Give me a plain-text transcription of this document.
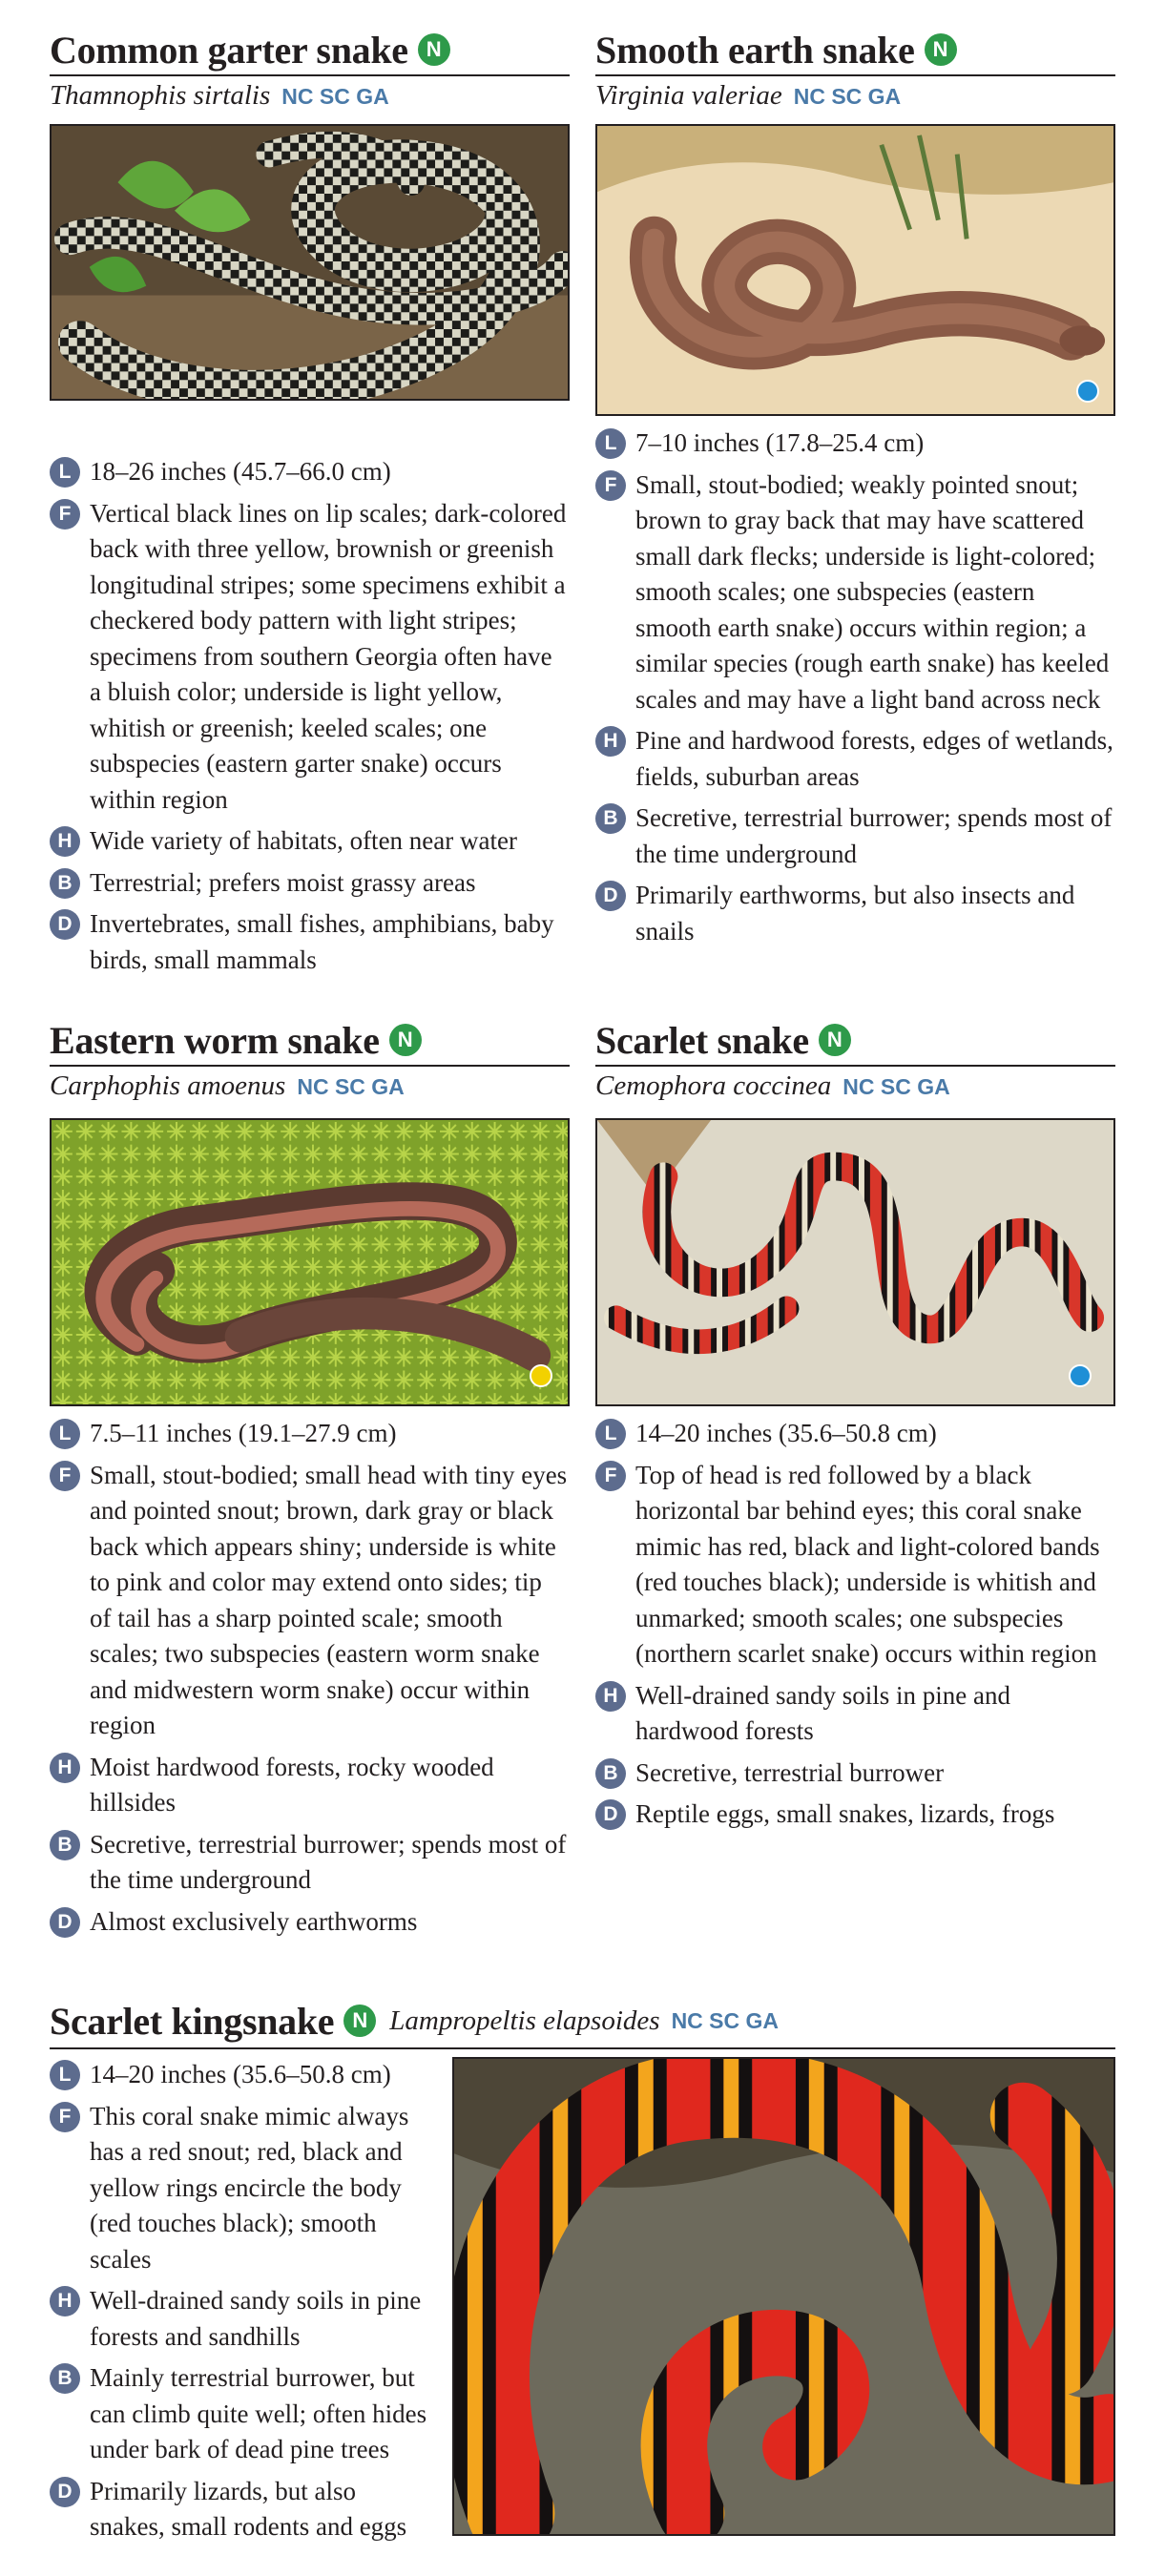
Common garter snake N
Thamnophis sirtalis NC SC GA
L 18–26 inches (45.7–66.0 cm)
F Vertical black lines on lip scales; dark-colored back with three yellow, brownish or greenish longitudinal stripes; some specimens exhibit a checkered body pattern with light stripes; specimens from southern Georgia often have a bluish color; underside is light yellow, whitish or greenish; keeled scales; one subspecies (eastern garter snake) occurs within region
H Wide variety of habitats, often near water
B Terrestrial; prefers moist grassy areas
D Invertebrates, small fishes, amphibians, baby birds, small mammals
Smooth earth snake N
Virginia valeriae NC SC GA
L 7–10 inches (17.8–25.4 cm)
F Small, stout-bodied; weakly pointed snout; brown to gray back that may have scattered small dark flecks; underside is light-colored; smooth scales; one subspecies (eastern smooth earth snake) occurs within region; a similar species (rough earth snake) has keeled scales and may have a light band across neck
H Pine and hardwood forests, edges of wetlands, fields, suburban areas
B Secretive, terrestrial burrower; spends most of the time underground
D Primarily earthworms, but also insects and snails
Eastern worm snake N
Carphophis amoenus NC SC GA
L 7.5–11 inches (19.1–27.9 cm)
F Small, stout-bodied; small head with tiny eyes and pointed snout; brown, dark gray or black back which appears shiny; underside is white to pink and color may extend onto sides; tip of tail has a sharp pointed scale; smooth scales; two subspecies (eastern worm snake and midwestern worm snake) occur within region
H Moist hardwood forests, rocky wooded hillsides
B Secretive, terrestrial burrower; spends most of the time underground
D Almost exclusively earthworms
Scarlet snake N
Cemophora coccinea NC SC GA
L 14–20 inches (35.6–50.8 cm)
F Top of head is red followed by a black horizontal bar behind eyes; this coral snake mimic has red, black and light-colored bands (red touches black); underside is whitish and unmarked; smooth scales; one subspecies (northern scarlet snake) occurs within region
H Well-drained sandy soils in pine and hardwood forests
B Secretive, terrestrial burrower
D Reptile eggs, small snakes, lizards, frogs
Scarlet kingsnake N Lampropeltis elapsoides NC SC GA
L 14–20 inches (35.6–50.8 cm)
F This coral snake mimic always has a red snout; red, black and yellow rings encircle the body (red touches black); smooth scales
H Well-drained sandy soils in pine forests and sandhills
B Mainly terrestrial burrower, but can climb quite well; often hides under bark of dead pine trees
D Primarily lizards, but also snakes, small rodents and eggs
